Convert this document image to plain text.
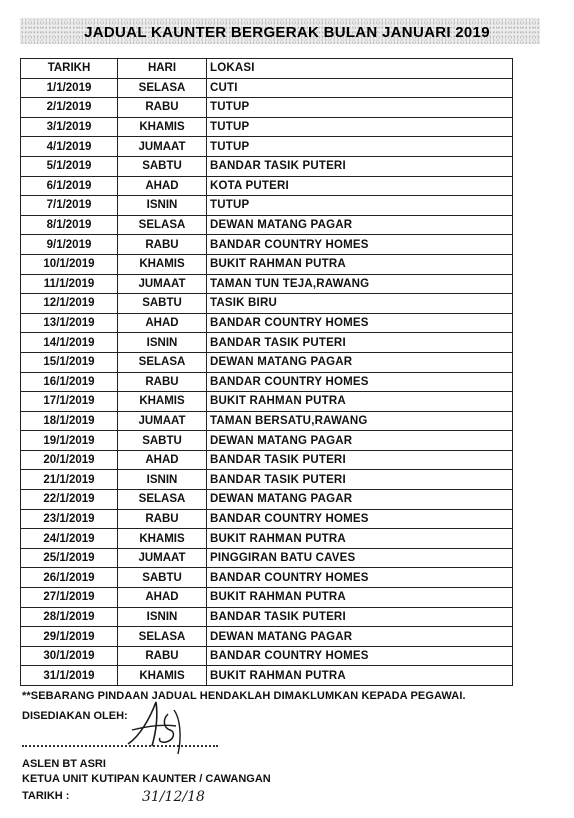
JADUAL KAUNTER BERGERAK BULAN JANUARI 2019
TARIKH	HARI	LOKASI
1/1/2019	SELASA	CUTI
2/1/2019	RABU	TUTUP
3/1/2019	KHAMIS	TUTUP
4/1/2019	JUMAAT	TUTUP
5/1/2019	SABTU	BANDAR TASIK PUTERI
6/1/2019	AHAD	KOTA PUTERI
7/1/2019	ISNIN	TUTUP
8/1/2019	SELASA	DEWAN MATANG PAGAR
9/1/2019	RABU	BANDAR COUNTRY HOMES
10/1/2019	KHAMIS	BUKIT RAHMAN PUTRA
11/1/2019	JUMAAT	TAMAN TUN TEJA,RAWANG
12/1/2019	SABTU	TASIK BIRU
13/1/2019	AHAD	BANDAR COUNTRY HOMES
14/1/2019	ISNIN	BANDAR TASIK PUTERI
15/1/2019	SELASA	DEWAN MATANG PAGAR
16/1/2019	RABU	BANDAR COUNTRY HOMES
17/1/2019	KHAMIS	BUKIT RAHMAN PUTRA
18/1/2019	JUMAAT	TAMAN BERSATU,RAWANG
19/1/2019	SABTU	DEWAN MATANG PAGAR
20/1/2019	AHAD	BANDAR TASIK PUTERI
21/1/2019	ISNIN	BANDAR TASIK PUTERI
22/1/2019	SELASA	DEWAN MATANG PAGAR
23/1/2019	RABU	BANDAR COUNTRY HOMES
24/1/2019	KHAMIS	BUKIT RAHMAN PUTRA
25/1/2019	JUMAAT	PINGGIRAN BATU CAVES
26/1/2019	SABTU	BANDAR COUNTRY HOMES
27/1/2019	AHAD	BUKIT RAHMAN PUTRA
28/1/2019	ISNIN	BANDAR TASIK PUTERI
29/1/2019	SELASA	DEWAN MATANG PAGAR
30/1/2019	RABU	BANDAR COUNTRY HOMES
31/1/2019	KHAMIS	BUKIT RAHMAN PUTRA
**SEBARANG PINDAAN JADUAL HENDAKLAH DIMAKLUMKAN KEPADA PEGAWAI.
DISEDIAKAN OLEH:
ASLEN BT ASRI
KETUA UNIT KUTIPAN KAUNTER / CAWANGAN
TARIKH :	31/12/18
